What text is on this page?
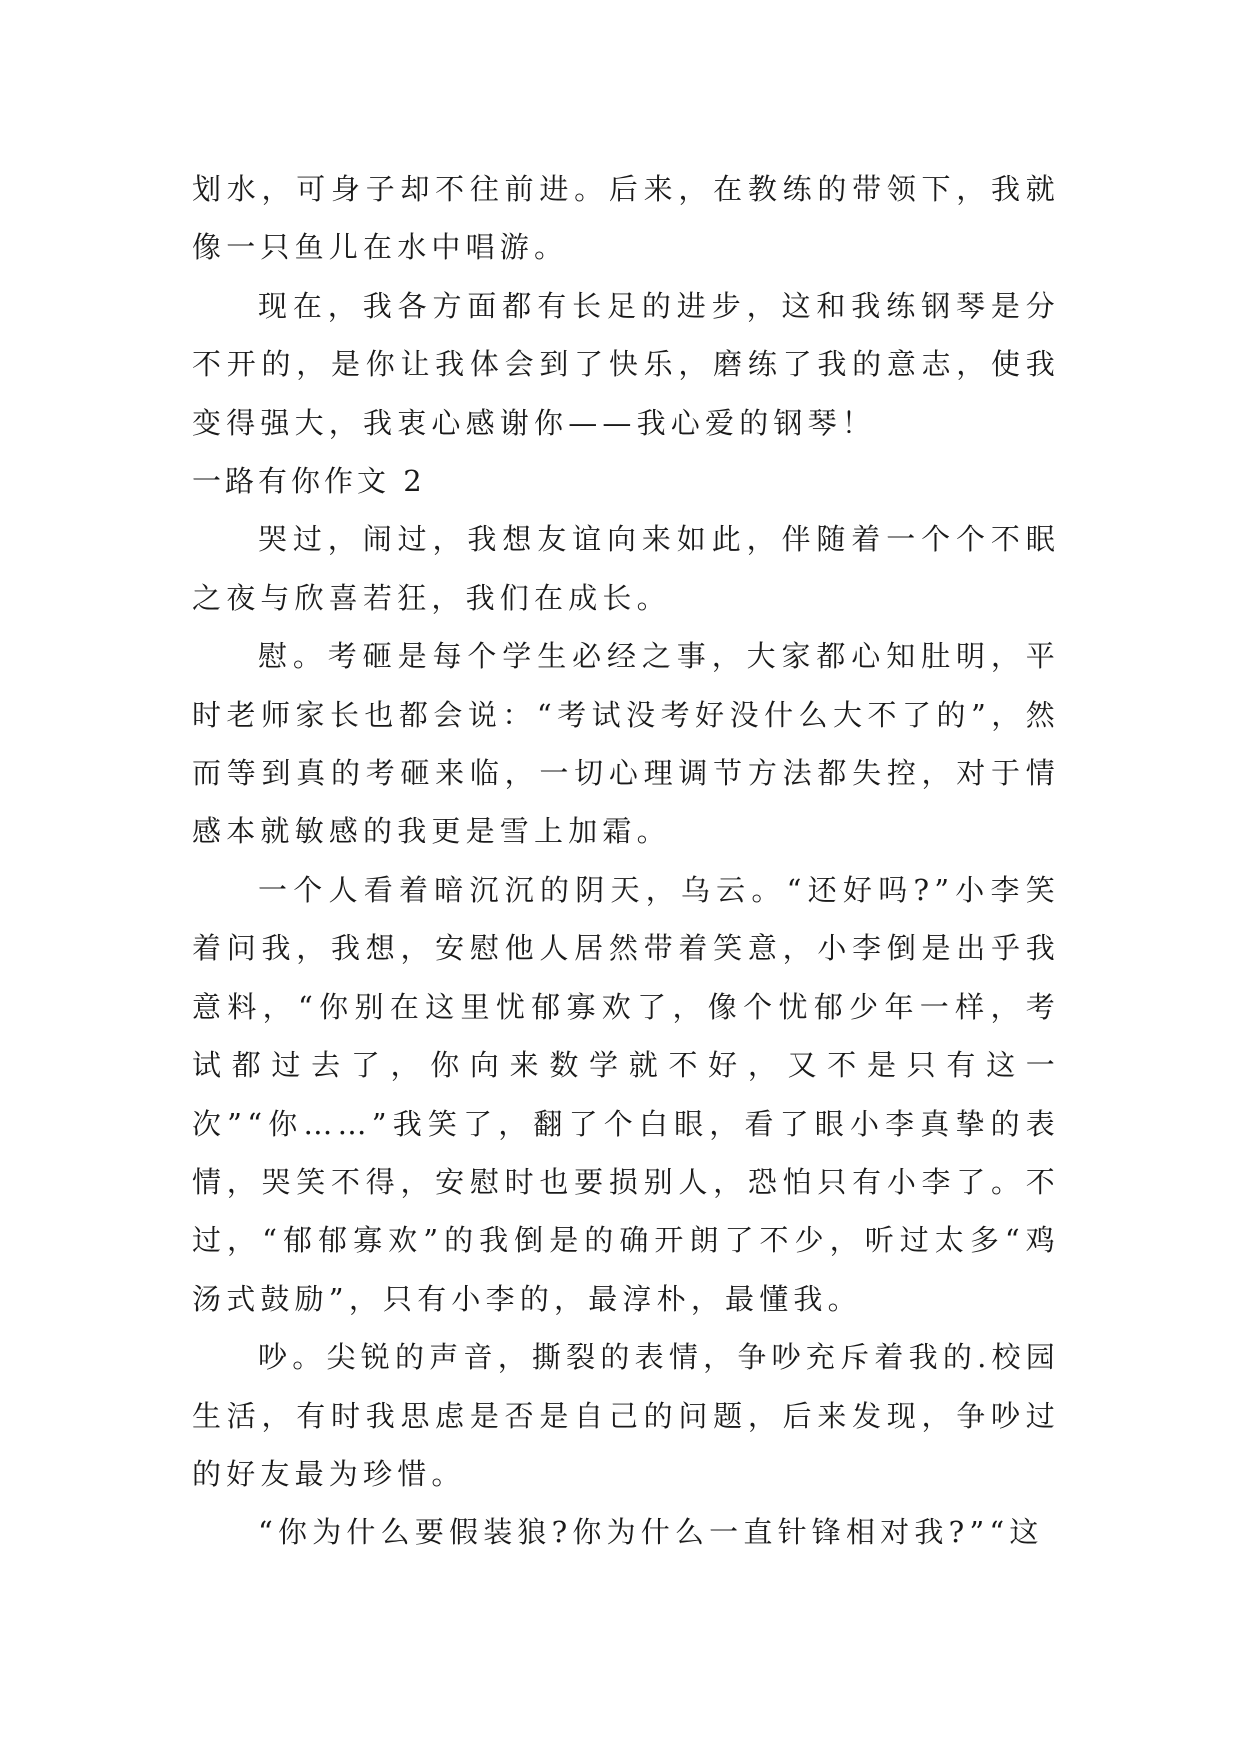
划水，可身子却不往前进。后来，在教练的带领下，我就像一只鱼儿在水中唱游。

现在，我各方面都有长足的进步，这和我练钢琴是分不开的，是你让我体会到了快乐，磨练了我的意志，使我变得强大，我衷心感谢你——我心爱的钢琴！

一路有你作文 2

哭过，闹过，我想友谊向来如此，伴随着一个个不眠之夜与欣喜若狂，我们在成长。

慰。考砸是每个学生必经之事，大家都心知肚明，平时老师家长也都会说：“考试没考好没什么大不了的”，然而等到真的考砸来临，一切心理调节方法都失控，对于情感本就敏感的我更是雪上加霜。

一个人看着暗沉沉的阴天，乌云。“还好吗?”小李笑着问我，我想，安慰他人居然带着笑意，小李倒是出乎我意料，“你别在这里忧郁寡欢了，像个忧郁少年一样，考试都过去了，你向来数学就不好，又不是只有这一次”“你……”我笑了，翻了个白眼，看了眼小李真挚的表情，哭笑不得，安慰时也要损别人，恐怕只有小李了。不过，“郁郁寡欢”的我倒是的确开朗了不少，听过太多“鸡汤式鼓励”，只有小李的，最淳朴，最懂我。

吵。尖锐的声音，撕裂的表情，争吵充斥着我的.校园生活，有时我思虑是否是自己的问题，后来发现，争吵过的好友最为珍惜。

“你为什么要假装狼?你为什么一直针锋相对我?”“这
